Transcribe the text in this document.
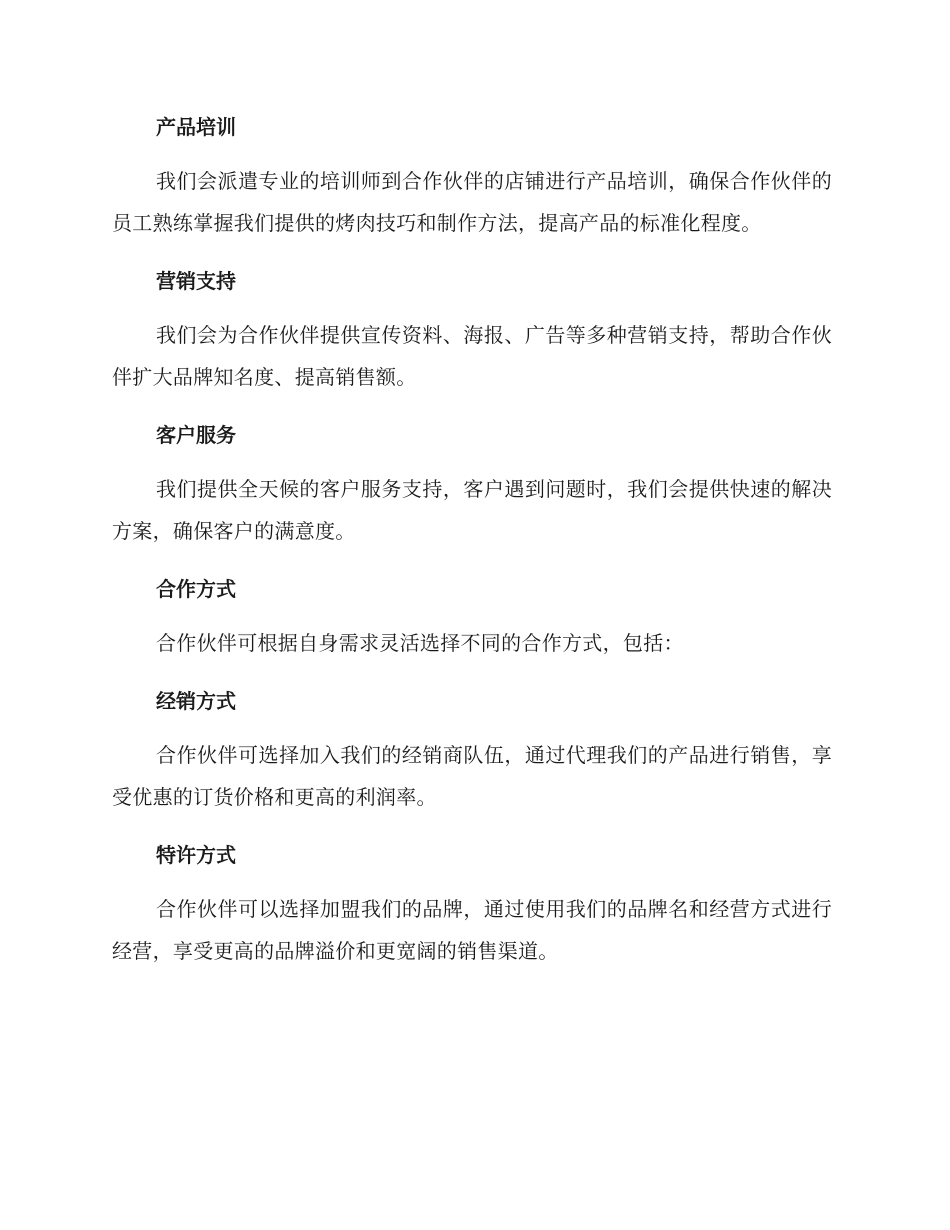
产品培训

我们会派遣专业的培训师到合作伙伴的店铺进行产品培训，确保合作伙伴的员工熟练掌握我们提供的烤肉技巧和制作方法，提高产品的标准化程度。

营销支持

我们会为合作伙伴提供宣传资料、海报、广告等多种营销支持，帮助合作伙伴扩大品牌知名度、提高销售额。

客户服务

我们提供全天候的客户服务支持，客户遇到问题时，我们会提供快速的解决方案，确保客户的满意度。

合作方式

合作伙伴可根据自身需求灵活选择不同的合作方式，包括：

经销方式

合作伙伴可选择加入我们的经销商队伍，通过代理我们的产品进行销售，享受优惠的订货价格和更高的利润率。

特许方式

合作伙伴可以选择加盟我们的品牌，通过使用我们的品牌名和经营方式进行经营，享受更高的品牌溢价和更宽阔的销售渠道。
